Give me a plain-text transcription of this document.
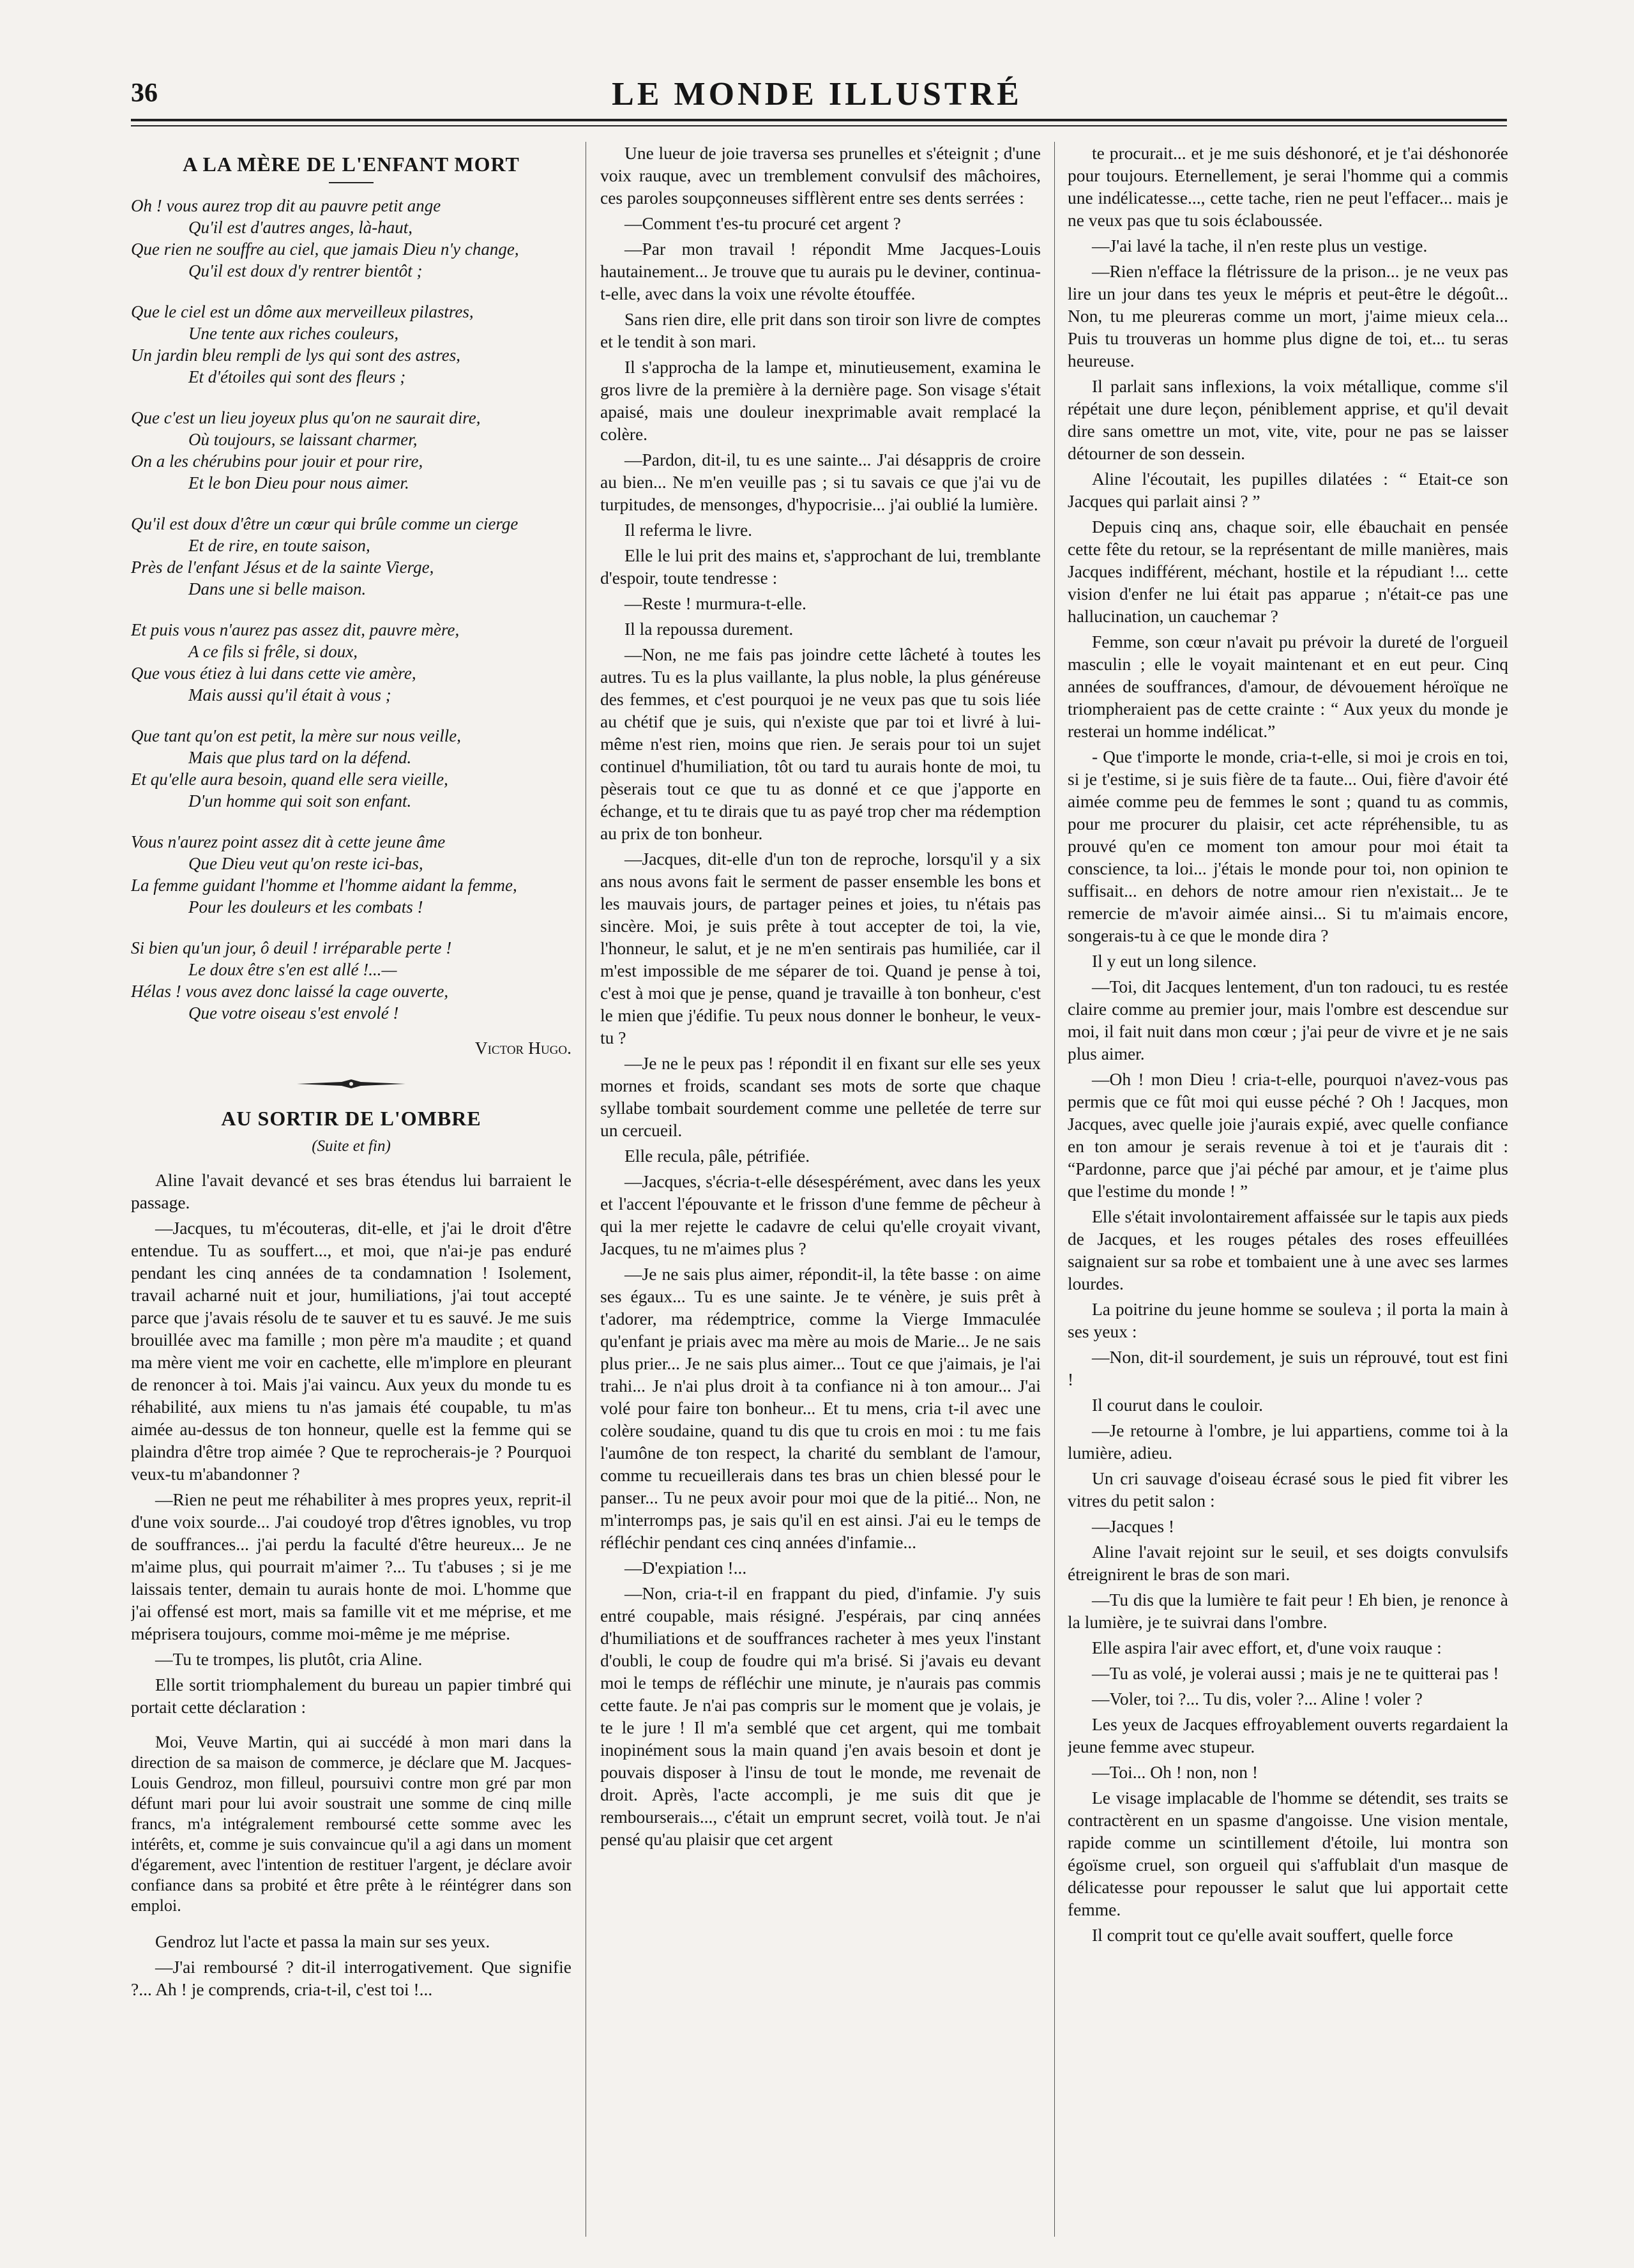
36	LE MONDE ILLUSTRÉ
A LA MÈRE DE L'ENFANT MORT
Oh ! vous aurez trop dit au pauvre petit ange
Qu'il est d'autres anges, là-haut,
Que rien ne souffre au ciel, que jamais Dieu n'y change,
Qu'il est doux d'y rentrer bientôt ;
Que le ciel est un dôme aux merveilleux pilastres,
Une tente aux riches couleurs,
Un jardin bleu rempli de lys qui sont des astres,
Et d'étoiles qui sont des fleurs ;
Que c'est un lieu joyeux plus qu'on ne saurait dire,
Où toujours, se laissant charmer,
On a les chérubins pour jouir et pour rire,
Et le bon Dieu pour nous aimer.
Qu'il est doux d'être un cœur qui brûle comme un cierge
Et de rire, en toute saison,
Près de l'enfant Jésus et de la sainte Vierge,
Dans une si belle maison.
Et puis vous n'aurez pas assez dit, pauvre mère,
A ce fils si frêle, si doux,
Que vous étiez à lui dans cette vie amère,
Mais aussi qu'il était à vous ;
Que tant qu'on est petit, la mère sur nous veille,
Mais que plus tard on la défend.
Et qu'elle aura besoin, quand elle sera vieille,
D'un homme qui soit son enfant.
Vous n'aurez point assez dit à cette jeune âme
Que Dieu veut qu'on reste ici-bas,
La femme guidant l'homme et l'homme aidant la femme,
Pour les douleurs et les combats !
Si bien qu'un jour, ô deuil ! irréparable perte !
Le doux être s'en est allé !...—
Hélas ! vous avez donc laissé la cage ouverte,
Que votre oiseau s'est envolé !
Victor Hugo.
AU SORTIR DE L'OMBRE
(Suite et fin)

Aline l'avait devancé et ses bras étendus lui barraient le passage.

—Jacques, tu m'écouteras, dit-elle, et j'ai le droit d'être entendue. Tu as souffert..., et moi, que n'ai-je pas enduré pendant les cinq années de ta condamnation ! Isolement, travail acharné nuit et jour, humiliations, j'ai tout accepté parce que j'avais résolu de te sauver et tu es sauvé. Je me suis brouillée avec ma famille ; mon père m'a maudite ; et quand ma mère vient me voir en cachette, elle m'implore en pleurant de renoncer à toi. Mais j'ai vaincu. Aux yeux du monde tu es réhabilité, aux miens tu n'as jamais été coupable, tu m'as aimée au-dessus de ton honneur, quelle est la femme qui se plaindra d'être trop aimée ? Que te reprocherais-je ? Pourquoi veux-tu m'abandonner ?

—Rien ne peut me réhabiliter à mes propres yeux, reprit-il d'une voix sourde... J'ai coudoyé trop d'êtres ignobles, vu trop de souffrances... j'ai perdu la faculté d'être heureux... Je ne m'aime plus, qui pourrait m'aimer ?... Tu t'abuses ; si je me laissais tenter, demain tu aurais honte de moi. L'homme que j'ai offensé est mort, mais sa famille vit et me méprise, et me méprisera toujours, comme moi-même je me méprise.

—Tu te trompes, lis plutôt, cria Aline.

Elle sortit triomphalement du bureau un papier timbré qui portait cette déclaration :

Moi, Veuve Martin, qui ai succédé à mon mari dans la direction de sa maison de commerce, je déclare que M. Jacques-Louis Gendroz, mon filleul, poursuivi contre mon gré par mon défunt mari pour lui avoir soustrait une somme de cinq mille francs, m'a intégralement remboursé cette somme avec les intérêts, et, comme je suis convaincue qu'il a agi dans un moment d'égarement, avec l'intention de restituer l'argent, je déclare avoir confiance dans sa probité et être prête à le réintégrer dans son emploi.

Gendroz lut l'acte et passa la main sur ses yeux.

—J'ai remboursé ? dit-il interrogativement. Que signifie ?... Ah ! je comprends, cria-t-il, c'est toi !...

Une lueur de joie traversa ses prunelles et s'éteignit ; d'une voix rauque, avec un tremblement convulsif des mâchoires, ces paroles soupçonneuses sifflèrent entre ses dents serrées :

—Comment t'es-tu procuré cet argent ?

—Par mon travail ! répondit Mme Jacques-Louis hautainement... Je trouve que tu aurais pu le deviner, continua-t-elle, avec dans la voix une révolte étouffée.

Sans rien dire, elle prit dans son tiroir son livre de comptes et le tendit à son mari.

Il s'approcha de la lampe et, minutieusement, examina le gros livre de la première à la dernière page. Son visage s'était apaisé, mais une douleur inexprimable avait remplacé la colère.

—Pardon, dit-il, tu es une sainte... J'ai désappris de croire au bien... Ne m'en veuille pas ; si tu savais ce que j'ai vu de turpitudes, de mensonges, d'hypocrisie... j'ai oublié la lumière.

Il referma le livre.

Elle le lui prit des mains et, s'approchant de lui, tremblante d'espoir, toute tendresse :

—Reste ! murmura-t-elle.

Il la repoussa durement.

—Non, ne me fais pas joindre cette lâcheté à toutes les autres. Tu es la plus vaillante, la plus noble, la plus généreuse des femmes, et c'est pourquoi je ne veux pas que tu sois liée au chétif que je suis, qui n'existe que par toi et livré à lui-même n'est rien, moins que rien. Je serais pour toi un sujet continuel d'humiliation, tôt ou tard tu aurais honte de moi, tu pèserais tout ce que tu as donné et ce que j'apporte en échange, et tu te dirais que tu as payé trop cher ma rédemption au prix de ton bonheur.

—Jacques, dit-elle d'un ton de reproche, lorsqu'il y a six ans nous avons fait le serment de passer ensemble les bons et les mauvais jours, de partager peines et joies, tu n'étais pas sincère. Moi, je suis prête à tout accepter de toi, la vie, l'honneur, le salut, et je ne m'en sentirais pas humiliée, car il m'est impossible de me séparer de toi. Quand je pense à toi, c'est à moi que je pense, quand je travaille à ton bonheur, c'est le mien que j'édifie. Tu peux nous donner le bonheur, le veux-tu ?

—Je ne le peux pas ! répondit il en fixant sur elle ses yeux mornes et froids, scandant ses mots de sorte que chaque syllabe tombait sourdement comme une pelletée de terre sur un cercueil.

Elle recula, pâle, pétrifiée.

—Jacques, s'écria-t-elle désespérément, avec dans les yeux et l'accent l'épouvante et le frisson d'une femme de pêcheur à qui la mer rejette le cadavre de celui qu'elle croyait vivant, Jacques, tu ne m'aimes plus ?

—Je ne sais plus aimer, répondit-il, la tête basse : on aime ses égaux... Tu es une sainte. Je te vénère, je suis prêt à t'adorer, ma rédemptrice, comme la Vierge Immaculée qu'enfant je priais avec ma mère au mois de Marie... Je ne sais plus prier... Je ne sais plus aimer... Tout ce que j'aimais, je l'ai trahi... Je n'ai plus droit à ta confiance ni à ton amour... J'ai volé pour faire ton bonheur... Et tu mens, cria t-il avec une colère soudaine, quand tu dis que tu crois en moi : tu me fais l'aumône de ton respect, la charité du semblant de l'amour, comme tu recueillerais dans tes bras un chien blessé pour le panser... Tu ne peux avoir pour moi que de la pitié... Non, ne m'interromps pas, je sais qu'il en est ainsi. J'ai eu le temps de réfléchir pendant ces cinq années d'infamie...

—D'expiation !...

—Non, cria-t-il en frappant du pied, d'infamie. J'y suis entré coupable, mais résigné. J'espérais, par cinq années d'humiliations et de souffrances racheter à mes yeux l'instant d'oubli, le coup de foudre qui m'a brisé. Si j'avais eu devant moi le temps de réfléchir une minute, je n'aurais pas commis cette faute. Je n'ai pas compris sur le moment que je volais, je te le jure ! Il m'a semblé que cet argent, qui me tombait inopinément sous la main quand j'en avais besoin et dont je pouvais disposer à l'insu de tout le monde, me revenait de droit. Après, l'acte accompli, je me suis dit que je rembourserais..., c'était un emprunt secret, voilà tout. Je n'ai pensé qu'au plaisir que cet argent

te procurait... et je me suis déshonoré, et je t'ai déshonorée pour toujours. Eternellement, je serai l'homme qui a commis une indélicatesse..., cette tache, rien ne peut l'effacer... mais je ne veux pas que tu sois éclaboussée.

—J'ai lavé la tache, il n'en reste plus un vestige.

—Rien n'efface la flétrissure de la prison... je ne veux pas lire un jour dans tes yeux le mépris et peut-être le dégoût... Non, tu me pleureras comme un mort, j'aime mieux cela... Puis tu trouveras un homme plus digne de toi, et... tu seras heureuse.

Il parlait sans inflexions, la voix métallique, comme s'il répétait une dure leçon, péniblement apprise, et qu'il devait dire sans omettre un mot, vite, vite, pour ne pas se laisser détourner de son dessein.

Aline l'écoutait, les pupilles dilatées : “ Etait-ce son Jacques qui parlait ainsi ? ”

Depuis cinq ans, chaque soir, elle ébauchait en pensée cette fête du retour, se la représentant de mille manières, mais Jacques indifférent, méchant, hostile et la répudiant !... cette vision d'enfer ne lui était pas apparue ; n'était-ce pas une hallucination, un cauchemar ?

Femme, son cœur n'avait pu prévoir la dureté de l'orgueil masculin ; elle le voyait maintenant et en eut peur. Cinq années de souffrances, d'amour, de dévouement héroïque ne triompheraient pas de cette crainte : “ Aux yeux du monde je resterai un homme indélicat.”

- Que t'importe le monde, cria-t-elle, si moi je crois en toi, si je t'estime, si je suis fière de ta faute... Oui, fière d'avoir été aimée comme peu de femmes le sont ; quand tu as commis, pour me procurer du plaisir, cet acte répréhensible, tu as prouvé qu'en ce moment ton amour pour moi était ta conscience, ta loi... j'étais le monde pour toi, non opinion te suffisait... en dehors de notre amour rien n'existait... Je te remercie de m'avoir aimée ainsi... Si tu m'aimais encore, songerais-tu à ce que le monde dira ?

Il y eut un long silence.

—Toi, dit Jacques lentement, d'un ton radouci, tu es restée claire comme au premier jour, mais l'ombre est descendue sur moi, il fait nuit dans mon cœur ; j'ai peur de vivre et je ne sais plus aimer.

—Oh ! mon Dieu ! cria-t-elle, pourquoi n'avez-vous pas permis que ce fût moi qui eusse péché ? Oh ! Jacques, mon Jacques, avec quelle joie j'aurais expié, avec quelle confiance en ton amour je serais revenue à toi et je t'aurais dit : “Pardonne, parce que j'ai péché par amour, et je t'aime plus que l'estime du monde ! ”

Elle s'était involontairement affaissée sur le tapis aux pieds de Jacques, et les rouges pétales des roses effeuillées saignaient sur sa robe et tombaient une à une avec ses larmes lourdes.

La poitrine du jeune homme se souleva ; il porta la main à ses yeux :

—Non, dit-il sourdement, je suis un réprouvé, tout est fini !

Il courut dans le couloir.

—Je retourne à l'ombre, je lui appartiens, comme toi à la lumière, adieu.

Un cri sauvage d'oiseau écrasé sous le pied fit vibrer les vitres du petit salon :

—Jacques !

Aline l'avait rejoint sur le seuil, et ses doigts convulsifs étreignirent le bras de son mari.

—Tu dis que la lumière te fait peur ! Eh bien, je renonce à la lumière, je te suivrai dans l'ombre.

Elle aspira l'air avec effort, et, d'une voix rauque :

—Tu as volé, je volerai aussi ; mais je ne te quitterai pas !

—Voler, toi ?... Tu dis, voler ?... Aline ! voler ?

Les yeux de Jacques effroyablement ouverts regardaient la jeune femme avec stupeur.

—Toi... Oh ! non, non !

Le visage implacable de l'homme se détendit, ses traits se contractèrent en un spasme d'angoisse. Une vision mentale, rapide comme un scintillement d'étoile, lui montra son égoïsme cruel, son orgueil qui s'affublait d'un masque de délicatesse pour repousser le salut que lui apportait cette femme.

Il comprit tout ce qu'elle avait souffert, quelle force
